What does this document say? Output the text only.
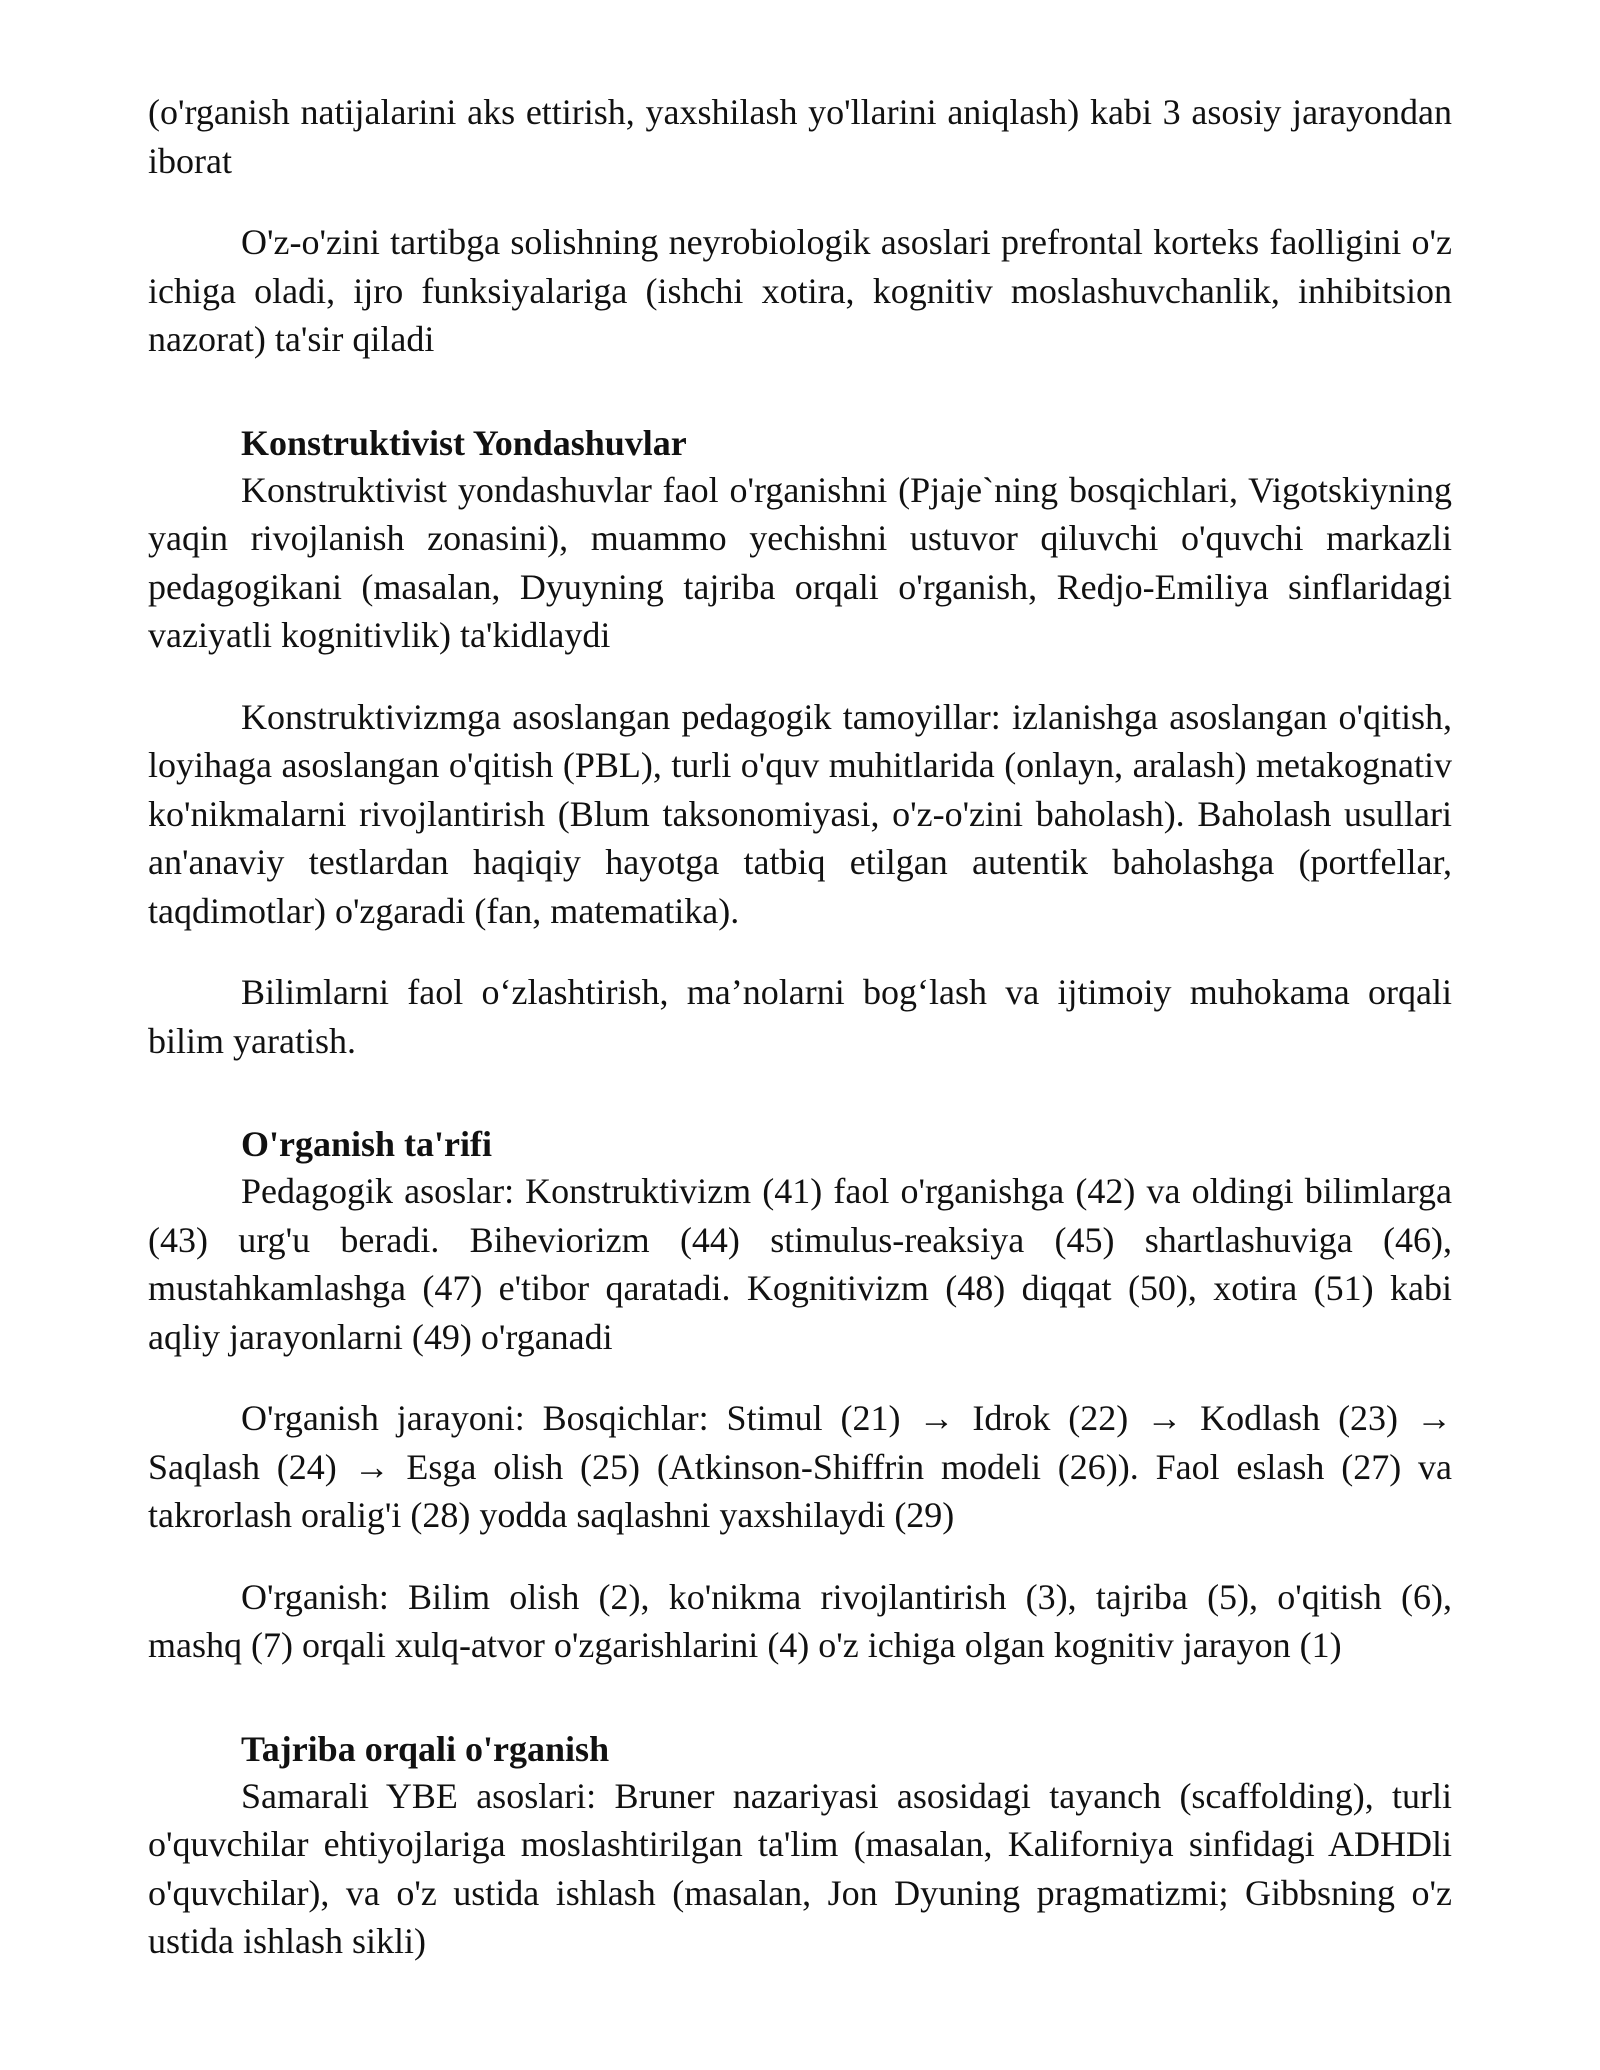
(o'rganish natijalarini aks ettirish, yaxshilash yo'llarini aniqlash) kabi 3 asosiy jarayondan iborat

O'z-o'zini tartibga solishning neyrobiologik asoslari prefrontal korteks faolligini o'z ichiga oladi, ijro funksiyalariga (ishchi xotira, kognitiv moslashuvchanlik, inhibitsion nazorat) ta'sir qiladi

Konstruktivist Yondashuvlar

Konstruktivist yondashuvlar faol o'rganishni (Pjaje`ning bosqichlari, Vigotskiyning yaqin rivojlanish zonasini), muammo yechishni ustuvor qiluvchi o'quvchi markazli pedagogikani (masalan, Dyuyning tajriba orqali o'rganish, Redjo-Emiliya sinflaridagi vaziyatli kognitivlik) ta'kidlaydi

Konstruktivizmga asoslangan pedagogik tamoyillar: izlanishga asoslangan o'qitish, loyihaga asoslangan o'qitish (PBL), turli o'quv muhitlarida (onlayn, aralash) metakognativ ko'nikmalarni rivojlantirish (Blum taksonomiyasi, o'z-o'zini baholash). Baholash usullari an'anaviy testlardan haqiqiy hayotga tatbiq etilgan autentik baholashga (portfellar, taqdimotlar) o'zgaradi (fan, matematika).

Bilimlarni faol o‘zlashtirish, ma’nolarni bog‘lash va ijtimoiy muhokama orqali bilim yaratish.

O'rganish ta'rifi

Pedagogik asoslar: Konstruktivizm (41) faol o'rganishga (42) va oldingi bilimlarga (43) urg'u beradi. Biheviorizm (44) stimulus-reaksiya (45) shartlashuviga (46), mustahkamlashga (47) e'tibor qaratadi. Kognitivizm (48) diqqat (50), xotira (51) kabi aqliy jarayonlarni (49) o'rganadi

O'rganish jarayoni: Bosqichlar: Stimul (21) → Idrok (22) → Kodlash (23) → Saqlash (24) → Esga olish (25) (Atkinson-Shiffrin modeli (26)). Faol eslash (27) va takrorlash oralig'i (28) yodda saqlashni yaxshilaydi (29)

O'rganish: Bilim olish (2), ko'nikma rivojlantirish (3), tajriba (5), o'qitish (6), mashq (7) orqali xulq-atvor o'zgarishlarini (4) o'z ichiga olgan kognitiv jarayon (1)

Tajriba orqali o'rganish

Samarali YBE asoslari: Bruner nazariyasi asosidagi tayanch (scaffolding), turli o'quvchilar ehtiyojlariga moslashtirilgan ta'lim (masalan, Kaliforniya sinfidagi ADHDli o'quvchilar), va o'z ustida ishlash (masalan, Jon Dyuning pragmatizmi; Gibbsning o'z ustida ishlash sikli)
